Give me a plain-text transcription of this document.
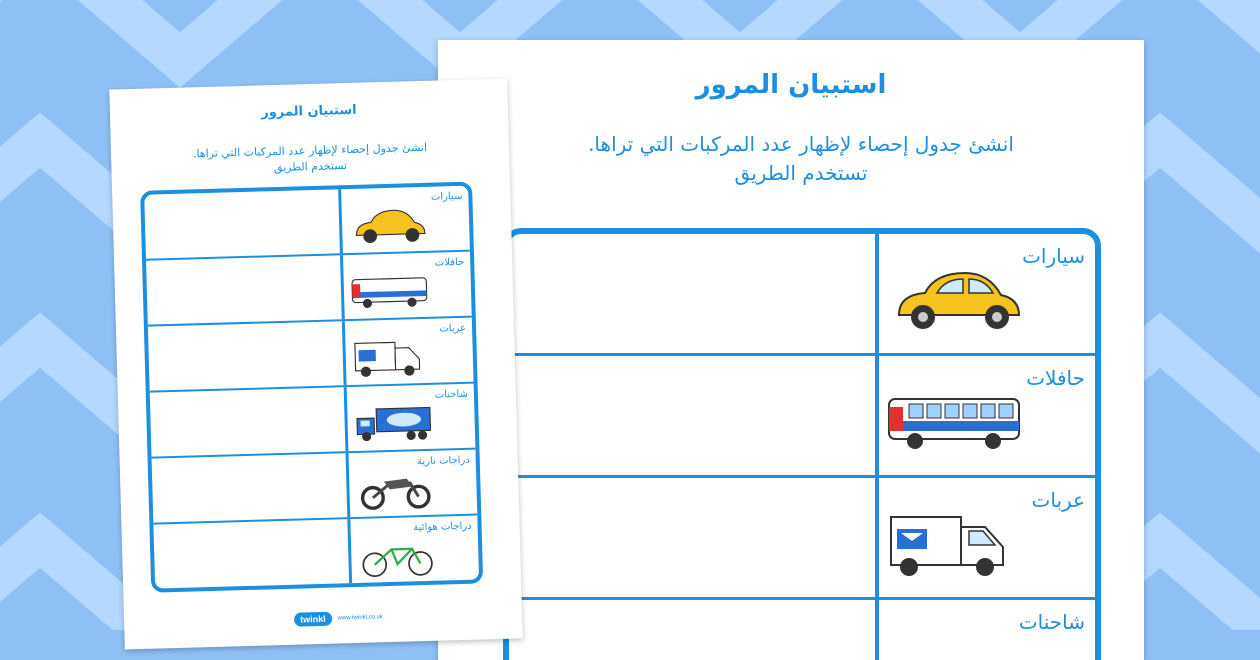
استبيان المرور

انشئ جدول إحصاء لإظهار عدد المركبات التي تراها.
تستخدم الطريق

سيارات
حافلات
عربات
شاحنات
استبيان المرور

انشئ جدول إحصاء لإظهار عدد المركبات التي تراها.
تستخدم الطريق

سيارات
حافلات
عربات
شاحنات
دراجات نارية
دراجات هوائية
twinkl	www.twinkl.co.uk
